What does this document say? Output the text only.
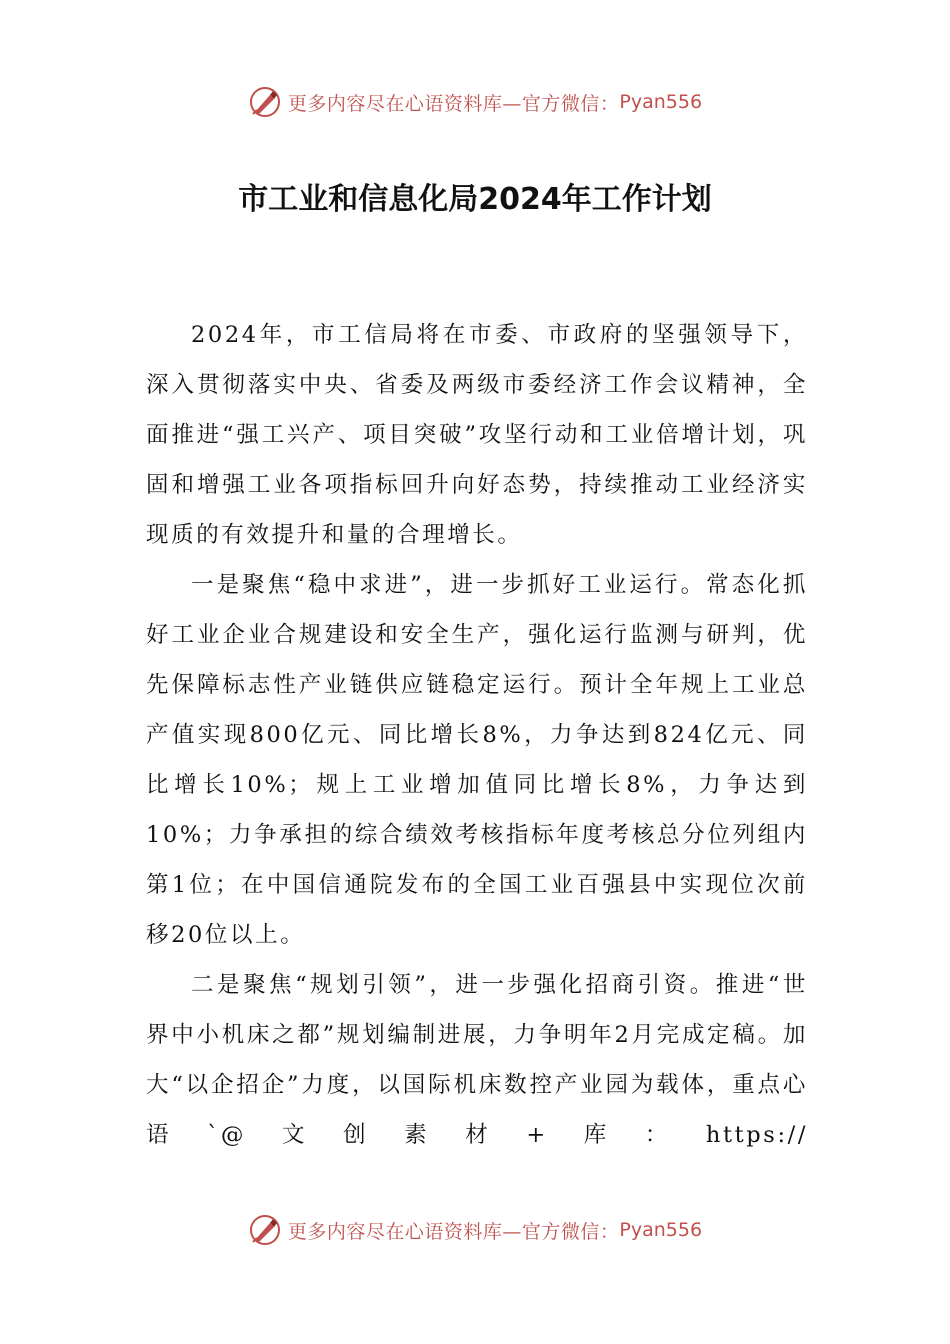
更多内容尽在心语资料库—官方微信： Pyan556
市工业和信息化局2024年工作计划

2024年，市工信局将在市委、市政府的坚强领导下，深入贯彻落实中央、省委及两级市委经济工作会议精神，全面推进“强工兴产、项目突破”攻坚行动和工业倍增计划，巩固和增强工业各项指标回升向好态势，持续推动工业经济实现质的有效提升和量的合理增长。

一是聚焦“稳中求进”，进一步抓好工业运行。常态化抓好工业企业合规建设和安全生产，强化运行监测与研判，优先保障标志性产业链供应链稳定运行。预计全年规上工业总产值实现800亿元、同比增长8%，力争达到824亿元、同比增长10%；规上工业增加值同比增长8%，力争达到10%；力争承担的综合绩效考核指标年度考核总分位列组内第1位；在中国信通院发布的全国工业百强县中实现位次前移20位以上。

二是聚焦“规划引领”，进一步强化招商引资。推进“世界中小机床之都”规划编制进展，力争明年2月完成定稿。加大“以企招企”力度，以国际机床数控产业园为载体，重点心语`@文创素材+库：https://

更多内容尽在心语资料库—官方微信： Pyan556
